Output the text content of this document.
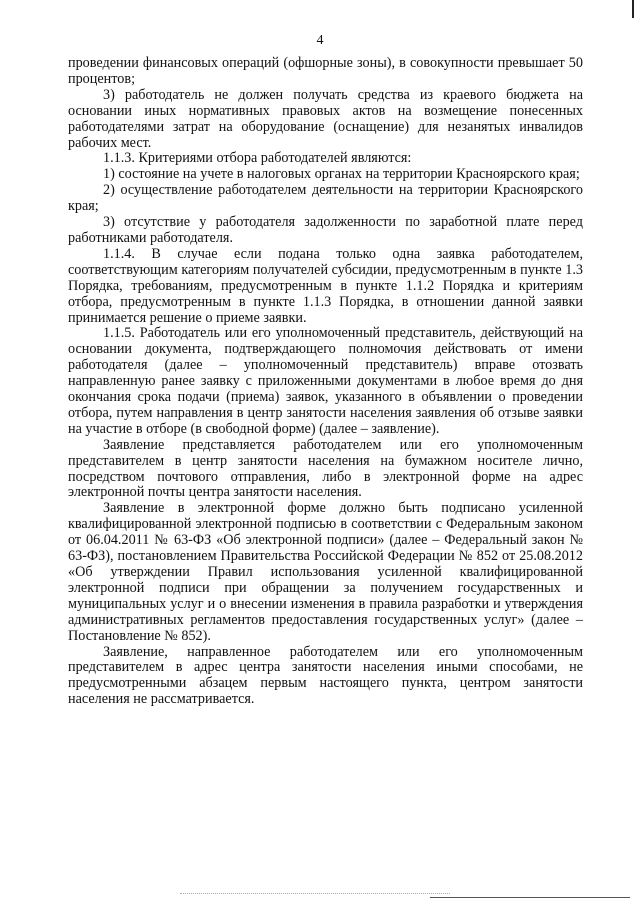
4

проведении финансовых операций (офшорные зоны), в совокупности превышает 50 процентов;

3) работодатель не должен получать средства из краевого бюджета на основании иных нормативных правовых актов на возмещение понесенных работодателями затрат на оборудование (оснащение) для незанятых инвалидов рабочих мест.

1.1.3. Критериями отбора работодателей являются:

1) состояние на учете в налоговых органах на территории Красноярского края;

2) осуществление работодателем деятельности на территории Красноярского края;

3) отсутствие у работодателя задолженности по заработной плате перед работниками работодателя.

1.1.4. В случае если подана только одна заявка работодателем, соответствующим категориям получателей субсидии, предусмотренным в пункте 1.3 Порядка, требованиям, предусмотренным в пункте 1.1.2 Порядка и критериям отбора, предусмотренным в пункте 1.1.3 Порядка, в отношении данной заявки принимается решение о приеме заявки.

1.1.5. Работодатель или его уполномоченный представитель, действующий на основании документа, подтверждающего полномочия действовать от имени работодателя (далее – уполномоченный представитель) вправе отозвать направленную ранее заявку с приложенными документами в любое время до дня окончания срока подачи (приема) заявок, указанного в объявлении о проведении отбора, путем направления в центр занятости населения заявления об отзыве заявки на участие в отборе (в свободной форме) (далее – заявление).

Заявление представляется работодателем или его уполномоченным представителем в центр занятости населения на бумажном носителе лично, посредством почтового отправления, либо в электронной форме на адрес электронной почты центра занятости населения.

Заявление в электронной форме должно быть подписано усиленной квалифицированной электронной подписью в соответствии с Федеральным законом от 06.04.2011 № 63-ФЗ «Об электронной подписи» (далее – Федеральный закон № 63-ФЗ), постановлением Правительства Российской Федерации № 852 от 25.08.2012 «Об утверждении Правил использования усиленной квалифицированной электронной подписи при обращении за получением государственных и муниципальных услуг и о внесении изменения в правила разработки и утверждения административных регламентов предоставления государственных услуг» (далее – Постановление № 852).

Заявление, направленное работодателем или его уполномоченным представителем в адрес центра занятости населения иными способами, не предусмотренными абзацем первым настоящего пункта, центром занятости населения не рассматривается.
